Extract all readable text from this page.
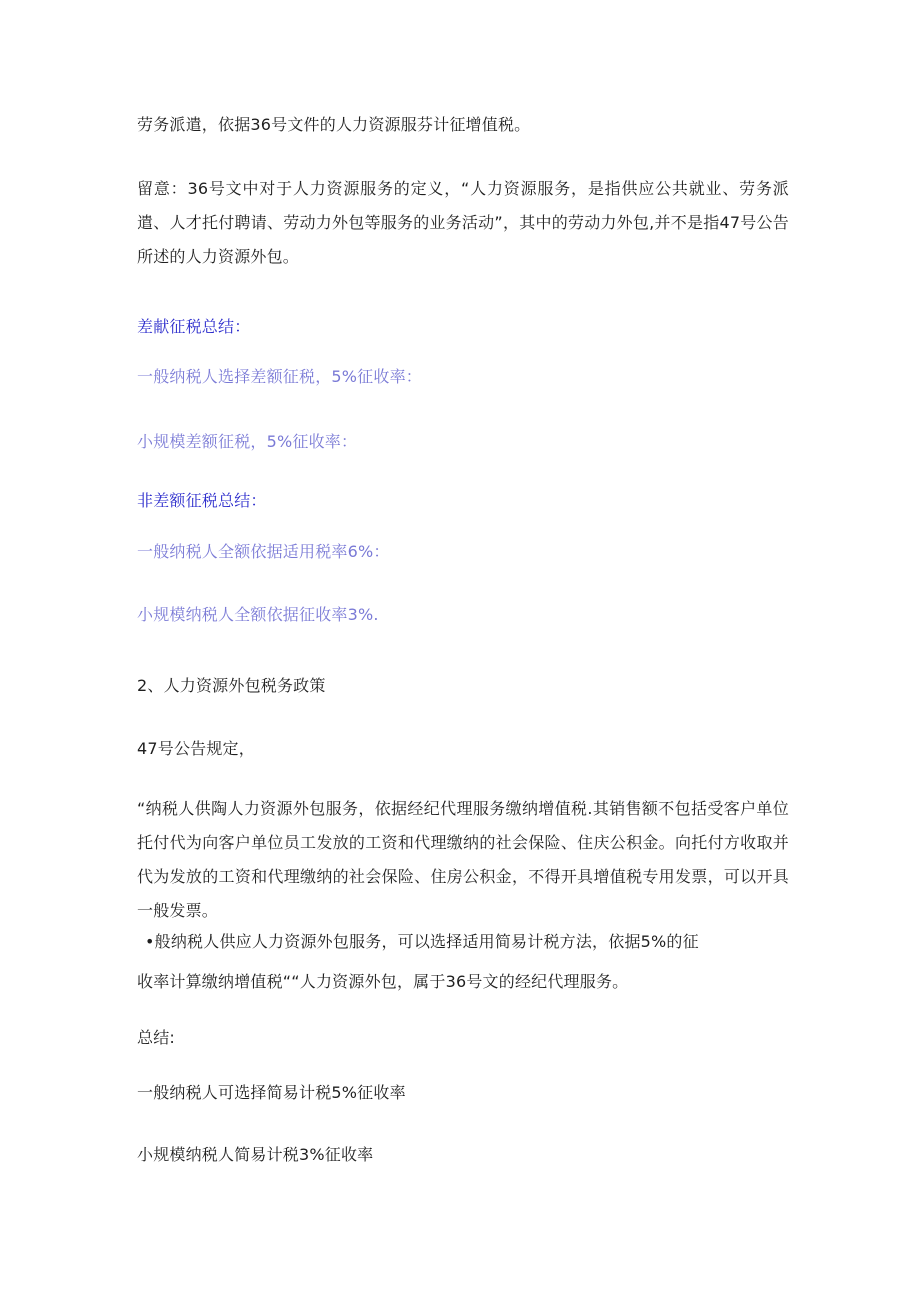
劳务派遣，依据36号文件的人力资源服芬计征增值税。
留意：36号文中对于人力资源服务的定义，“人力资源服务，是指供应公共就业、劳务派遣、人才托付聘请、劳动力外包等服务的业务活动”，其中的劳动力外包,并不是指47号公告所述的人力资源外包。
差献征税总结：
一般纳税人选择差额征税，5%征收率：
小规模差额征税，5%征收率：
非差额征税总结：
一般纳税人全额依据适用税率6%：
小规模纳税人全额依据征收率3%.
2、人力资源外包税务政策
47号公告规定，
“纳税人供陶人力资源外包服务，依据经纪代理服务缴纳增值税.其销售额不包括受客户单位托付代为向客户单位员工发放的工资和代理缴纳的社会保险、住庆公积金。向托付方收取并代为发放的工资和代理缴纳的社会保险、住房公积金，不得开具增值税专用发票，可以开具一般发票。
•般纳税人供应人力资源外包服务，可以选择适用简易计税方法，依据5%的征
收率计算缴纳增值税““人力资源外包，属于36号文的经纪代理服务。
总结:
一般纳税人可选择简易计税5%征收率
小规模纳税人简易计税3%征收率
